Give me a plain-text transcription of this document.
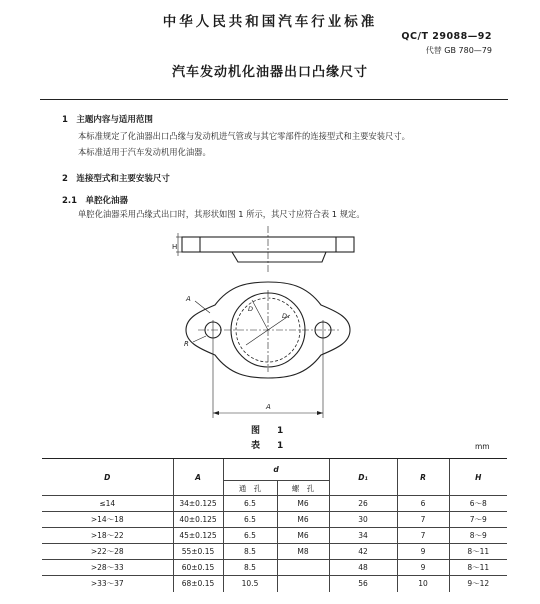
中华人民共和国汽车行业标准
QC/T 29088—92
代替 GB 780—79
汽车发动机化油器出口凸缘尺寸
1　主题内容与适用范围
本标准规定了化油器出口凸缘与发动机进气管或与其它零部件的连接型式和主要安装尺寸。
本标准适用于汽车发动机用化油器。
2　连接型式和主要安装尺寸
2.1　单腔化油器
单腔化油器采用凸缘式出口时，其形状如图 1 所示，其尺寸应符合表 1 规定。
H
A
R
D
D₁
A
图　1
表　1	mm
D	A	d		D₁	R	H
		通　孔	螺　孔			
≤14	34±0.125	6.5	M6	26	6	6～8
>14～18	40±0.125	6.5	M6	30	7	7～9
>18～22	45±0.125	6.5	M6	34	7	8～9
>22～28	55±0.15	8.5	M8	42	9	8～11
>28～33	60±0.15	8.5		48	9	8～11
>33～37	68±0.15	10.5		56	10	9～12
